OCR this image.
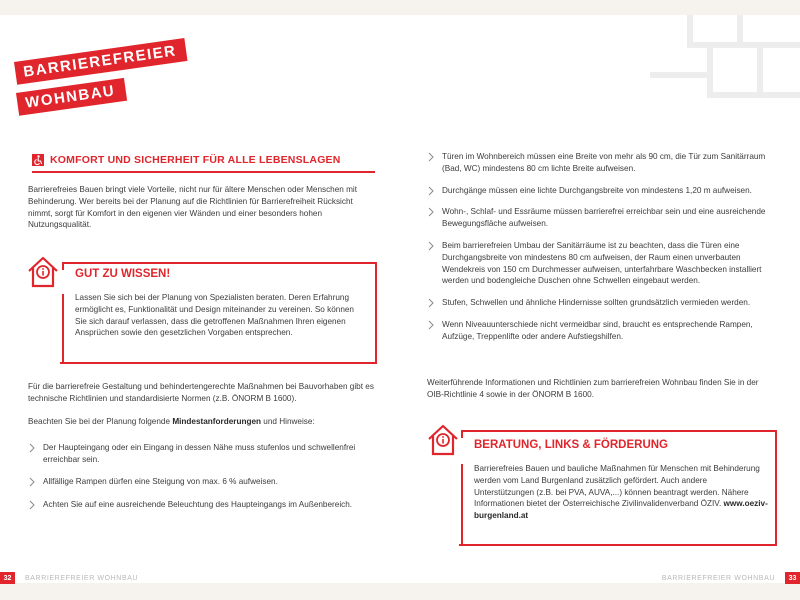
BARRIEREFREIER
WOHNBAU
KOMFORT UND SICHERHEIT FÜR ALLE LEBENSLAGEN

Barrierefreies Bauen bringt viele Vorteile, nicht nur für ältere Menschen oder Menschen mit Behinderung. Wer bereits bei der Planung auf die Richtlinien für Barrierefreiheit Rücksicht nimmt, sorgt für Komfort in den eigenen vier Wänden und einer besonders hohen Nutzungsqualität.

GUT ZU WISSEN!

Lassen Sie sich bei der Planung von Spezialisten beraten. Deren Erfahrung ermöglicht es, Funktionalität und Design miteinander zu vereinen. So können Sie sich darauf verlassen, dass die getroffenen Maßnahmen Ihren eigenen Ansprüchen sowie den gesetzlichen Vorgaben entsprechen.

Für die barrierefreie Gestaltung und behindertengerechte Maßnahmen bei Bauvorhaben gibt es technische Richtlinien und standardisierte Normen (z.B. ÖNORM B 1600).

Beachten Sie bei der Planung folgende Mindestanforderungen und Hinweise:

Der Haupteingang oder ein Eingang in dessen Nähe muss stufenlos und schwellenfrei erreichbar sein.
Allfällige Rampen dürfen eine Steigung von max. 6 % aufweisen.
Achten Sie auf eine ausreichende Beleuchtung des Haupteingangs im Außenbereich.
Türen im Wohnbereich müssen eine Breite von mehr als 90 cm, die Tür zum Sanitärraum (Bad, WC) mindestens 80 cm lichte Breite aufweisen.
Durchgänge müssen eine lichte Durchgangsbreite von mindestens 1,20 m aufweisen.
Wohn-, Schlaf- und Essräume müssen barrierefrei erreichbar sein und eine ausreichende Bewegungsfläche aufweisen.
Beim barrierefreien Umbau der Sanitärräume ist zu beachten, dass die Türen eine Durchgangsbreite von mindestens 80 cm aufweisen, der Raum einen unverbauten Wendekreis von 150 cm Durchmesser aufweisen, unterfahrbare Waschbecken installiert werden und bodengleiche Duschen ohne Schwellen eingebaut werden.
Stufen, Schwellen und ähnliche Hindernisse sollten grundsätzlich vermieden werden.
Wenn Niveauunterschiede nicht vermeidbar sind, braucht es entsprechende Rampen, Aufzüge, Treppenlifte oder andere Aufstiegshilfen.

Weiterführende Informationen und Richtlinien zum barrierefreien Wohnbau finden Sie in der OIB-Richtlinie 4 sowie in der ÖNORM B 1600.

BERATUNG, LINKS & FÖRDERUNG

Barrierefreies Bauen und bauliche Maßnahmen für Menschen mit Behinderung werden vom Land Burgenland zusätzlich gefördert. Auch andere Unterstützungen (z.B. bei PVA, AUVA,...) können beantragt werden. Nähere Informationen bietet der Österreichische Zivilinvalidenverband ÖZIV. www.oeziv-burgenland.at

32	BARRIEREFREIER WOHNBAU	BARRIEREFREIER WOHNBAU	33
